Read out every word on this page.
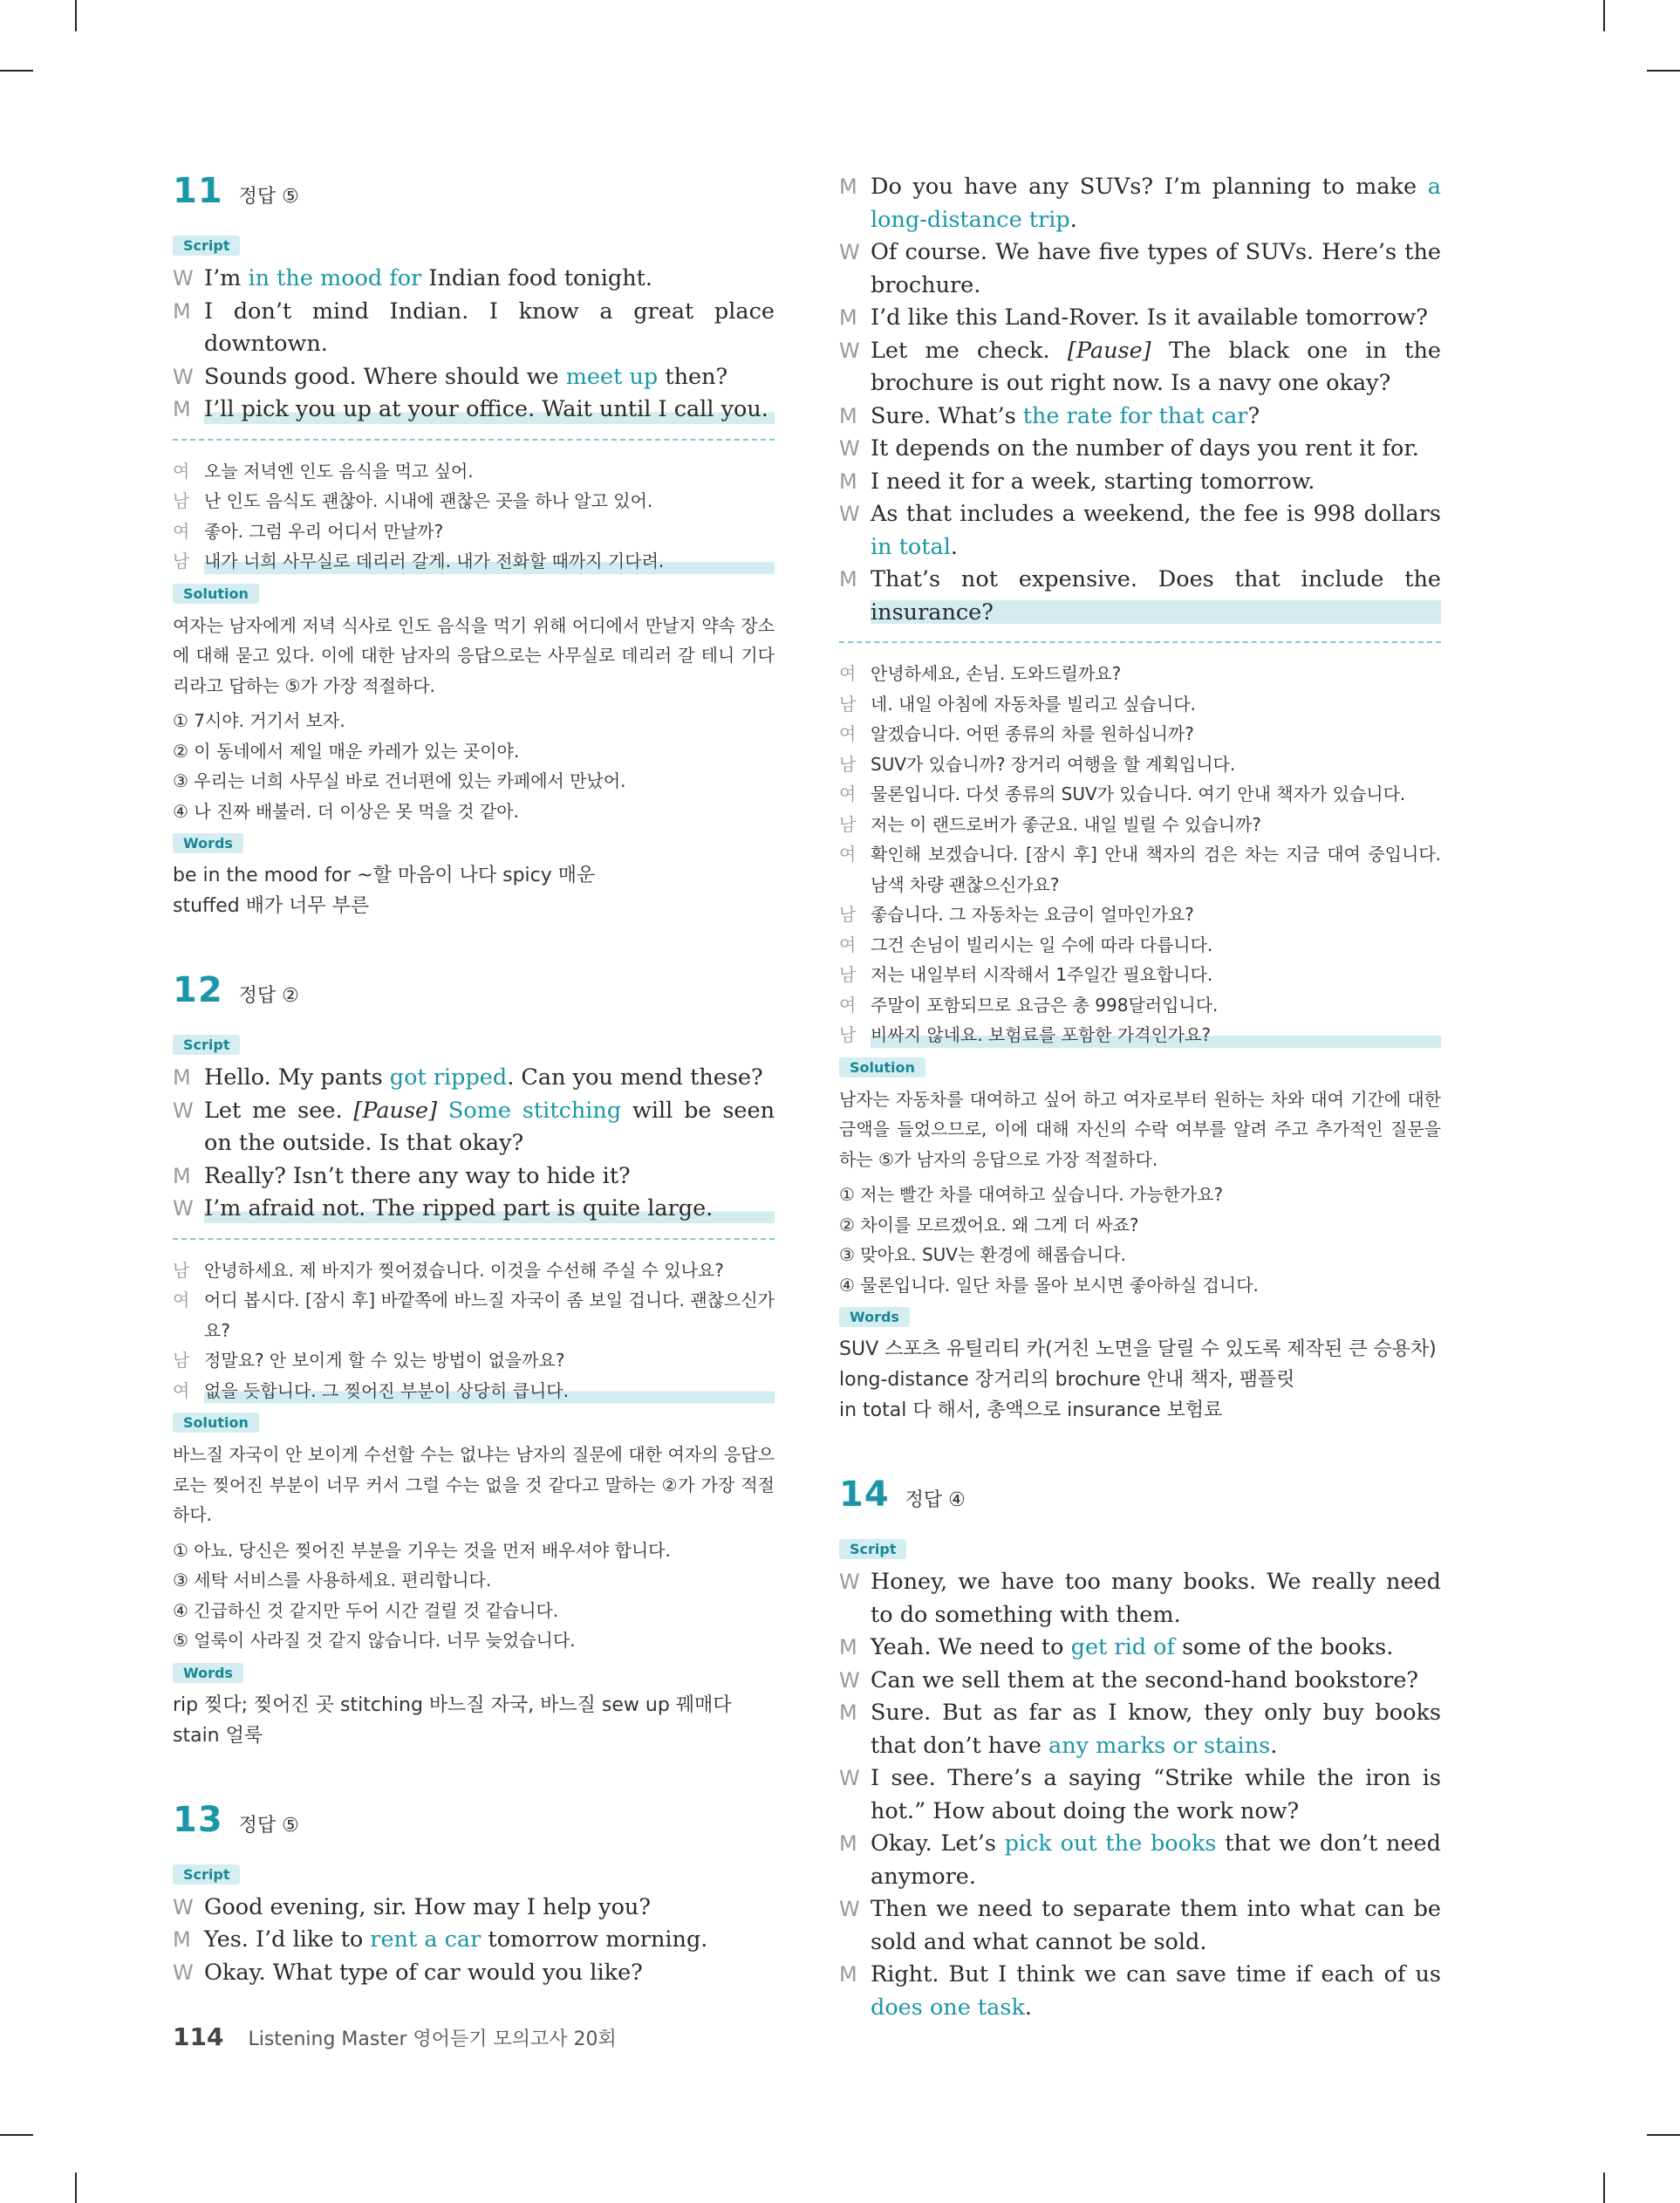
11 정답 ⑤
Script
W I’m in the mood for Indian food tonight.
M I don’t mind Indian. I know a great place downtown.
W Sounds good. Where should we meet up then?
M I’ll pick you up at your office. Wait until I call you.
여 오늘 저녁엔 인도 음식을 먹고 싶어.
남 난 인도 음식도 괜찮아. 시내에 괜찮은 곳을 하나 알고 있어.
여 좋아. 그럼 우리 어디서 만날까?
남 내가 너희 사무실로 데리러 갈게. 내가 전화할 때까지 기다려.
Solution
여자는 남자에게 저녁 식사로 인도 음식을 먹기 위해 어디에서 만날지 약속 장소에 대해 묻고 있다. 이에 대한 남자의 응답으로는 사무실로 데리러 갈 테니 기다리라고 답하는 ⑤가 가장 적절하다.
① 7시야. 거기서 보자.
② 이 동네에서 제일 매운 카레가 있는 곳이야.
③ 우리는 너희 사무실 바로 건너편에 있는 카페에서 만났어.
④ 나 진짜 배불러. 더 이상은 못 먹을 것 같아.
Words
be in the mood for ~할 마음이 나다 spicy 매운
stuffed 배가 너무 부른
12 정답 ②
Script
M Hello. My pants got ripped. Can you mend these?
W Let me see. [Pause] Some stitching will be seen on the outside. Is that okay?
M Really? Isn’t there any way to hide it?
W I’m afraid not. The ripped part is quite large.
남 안녕하세요. 제 바지가 찢어졌습니다. 이것을 수선해 주실 수 있나요?
여 어디 봅시다. [잠시 후] 바깥쪽에 바느질 자국이 좀 보일 겁니다. 괜찮으신가요?
남 정말요? 안 보이게 할 수 있는 방법이 없을까요?
여 없을 듯합니다. 그 찢어진 부분이 상당히 큽니다.
Solution
바느질 자국이 안 보이게 수선할 수는 없냐는 남자의 질문에 대한 여자의 응답으로는 찢어진 부분이 너무 커서 그럴 수는 없을 것 같다고 말하는 ②가 가장 적절하다.
① 아뇨. 당신은 찢어진 부분을 기우는 것을 먼저 배우셔야 합니다.
③ 세탁 서비스를 사용하세요. 편리합니다.
④ 긴급하신 것 같지만 두어 시간 걸릴 것 같습니다.
⑤ 얼룩이 사라질 것 같지 않습니다. 너무 늦었습니다.
Words
rip 찢다; 찢어진 곳 stitching 바느질 자국, 바느질 sew up 꿰매다
stain 얼룩
13 정답 ⑤
Script
W Good evening, sir. How may I help you?
M Yes. I’d like to rent a car tomorrow morning.
W Okay. What type of car would you like?
M Do you have any SUVs? I’m planning to make a long-distance trip.
W Of course. We have five types of SUVs. Here’s the brochure.
M I’d like this Land-Rover. Is it available tomorrow?
W Let me check. [Pause] The black one in the brochure is out right now. Is a navy one okay?
M Sure. What’s the rate for that car?
W It depends on the number of days you rent it for.
M I need it for a week, starting tomorrow.
W As that includes a weekend, the fee is 998 dollars in total.
M That’s not expensive. Does that include the insurance?
여 안녕하세요, 손님. 도와드릴까요?
남 네. 내일 아침에 자동차를 빌리고 싶습니다.
여 알겠습니다. 어떤 종류의 차를 원하십니까?
남 SUV가 있습니까? 장거리 여행을 할 계획입니다.
여 물론입니다. 다섯 종류의 SUV가 있습니다. 여기 안내 책자가 있습니다.
남 저는 이 랜드로버가 좋군요. 내일 빌릴 수 있습니까?
여 확인해 보겠습니다. [잠시 후] 안내 책자의 검은 차는 지금 대여 중입니다. 남색 차량 괜찮으신가요?
남 좋습니다. 그 자동차는 요금이 얼마인가요?
여 그건 손님이 빌리시는 일 수에 따라 다릅니다.
남 저는 내일부터 시작해서 1주일간 필요합니다.
여 주말이 포함되므로 요금은 총 998달러입니다.
남 비싸지 않네요. 보험료를 포함한 가격인가요?
Solution
남자는 자동차를 대여하고 싶어 하고 여자로부터 원하는 차와 대여 기간에 대한 금액을 들었으므로, 이에 대해 자신의 수락 여부를 알려 주고 추가적인 질문을 하는 ⑤가 남자의 응답으로 가장 적절하다.
① 저는 빨간 차를 대여하고 싶습니다. 가능한가요?
② 차이를 모르겠어요. 왜 그게 더 싸죠?
③ 맞아요. SUV는 환경에 해롭습니다.
④ 물론입니다. 일단 차를 몰아 보시면 좋아하실 겁니다.
Words
SUV 스포츠 유틸리티 카(거친 노면을 달릴 수 있도록 제작된 큰 승용차)
long-distance 장거리의 brochure 안내 책자, 팸플릿
in total 다 해서, 총액으로 insurance 보험료
14 정답 ④
Script
W Honey, we have too many books. We really need to do something with them.
M Yeah. We need to get rid of some of the books.
W Can we sell them at the second-hand bookstore?
M Sure. But as far as I know, they only buy books that don’t have any marks or stains.
W I see. There’s a saying “Strike while the iron is hot.” How about doing the work now?
M Okay. Let’s pick out the books that we don’t need anymore.
W Then we need to separate them into what can be sold and what cannot be sold.
M Right. But I think we can save time if each of us does one task.
114 Listening Master 영어듣기 모의고사 20회
